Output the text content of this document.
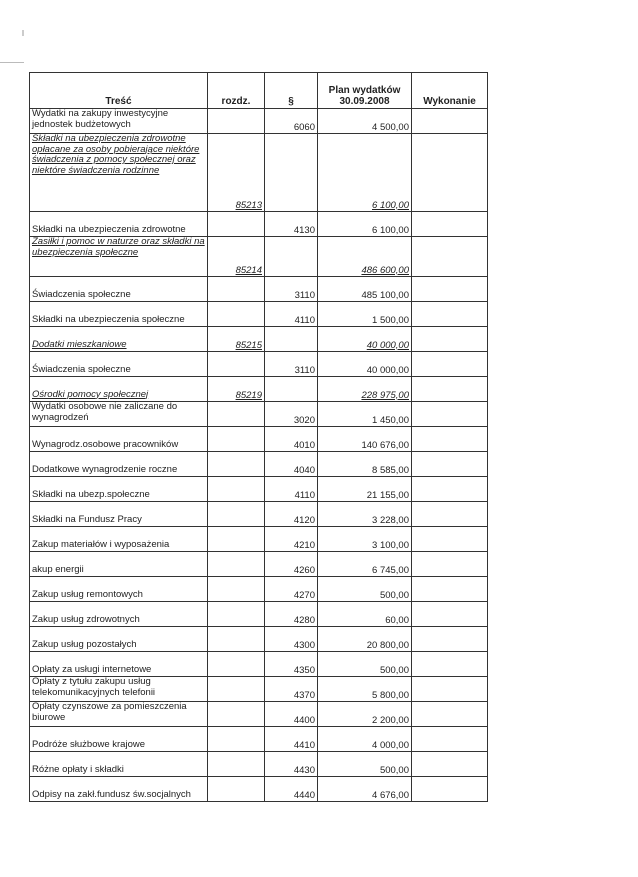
Treść	rozdz.	§	Plan wydatków 30.09.2008	Wykonanie
Wydatki na zakupy inwestycyjne jednostek budżetowych		6060	4 500,00	
Składki na ubezpieczenia zdrowotne opłacane za osoby pobierające niektóre świadczenia z pomocy społecznej oraz niektóre świadczenia rodzinne	85213		6 100,00	
Składki na ubezpieczenia zdrowotne		4130	6 100,00	
Zasiłki i pomoc w naturze oraz składki na ubezpieczenia społeczne	85214		486 600,00	
Świadczenia społeczne		3110	485 100,00	
Składki na ubezpieczenia społeczne		4110	1 500,00	
Dodatki mieszkaniowe	85215		40 000,00	
Świadczenia społeczne		3110	40 000,00	
Ośrodki pomocy społecznej	85219		228 975,00	
Wydatki osobowe nie zaliczane do wynagrodzeń		3020	1 450,00	
Wynagrodz.osobowe pracowników		4010	140 676,00	
Dodatkowe wynagrodzenie roczne		4040	8 585,00	
Składki na ubezp.społeczne		4110	21 155,00	
Składki na Fundusz Pracy		4120	3 228,00	
Zakup materiałów i wyposażenia		4210	3 100,00	
akup energii		4260	6 745,00	
Zakup usług remontowych		4270	500,00	
Zakup usług zdrowotnych		4280	60,00	
Zakup usług pozostałych		4300	20 800,00	
Opłaty za usługi internetowe		4350	500,00	
Opłaty z tytułu zakupu usług telekomunikacyjnych telefonii		4370	5 800,00	
Opłaty czynszowe za pomieszczenia biurowe		4400	2 200,00	
Podróże służbowe krajowe		4410	4 000,00	
Różne opłaty i składki		4430	500,00	
Odpisy na zakł.fundusz św.socjalnych		4440	4 676,00	
